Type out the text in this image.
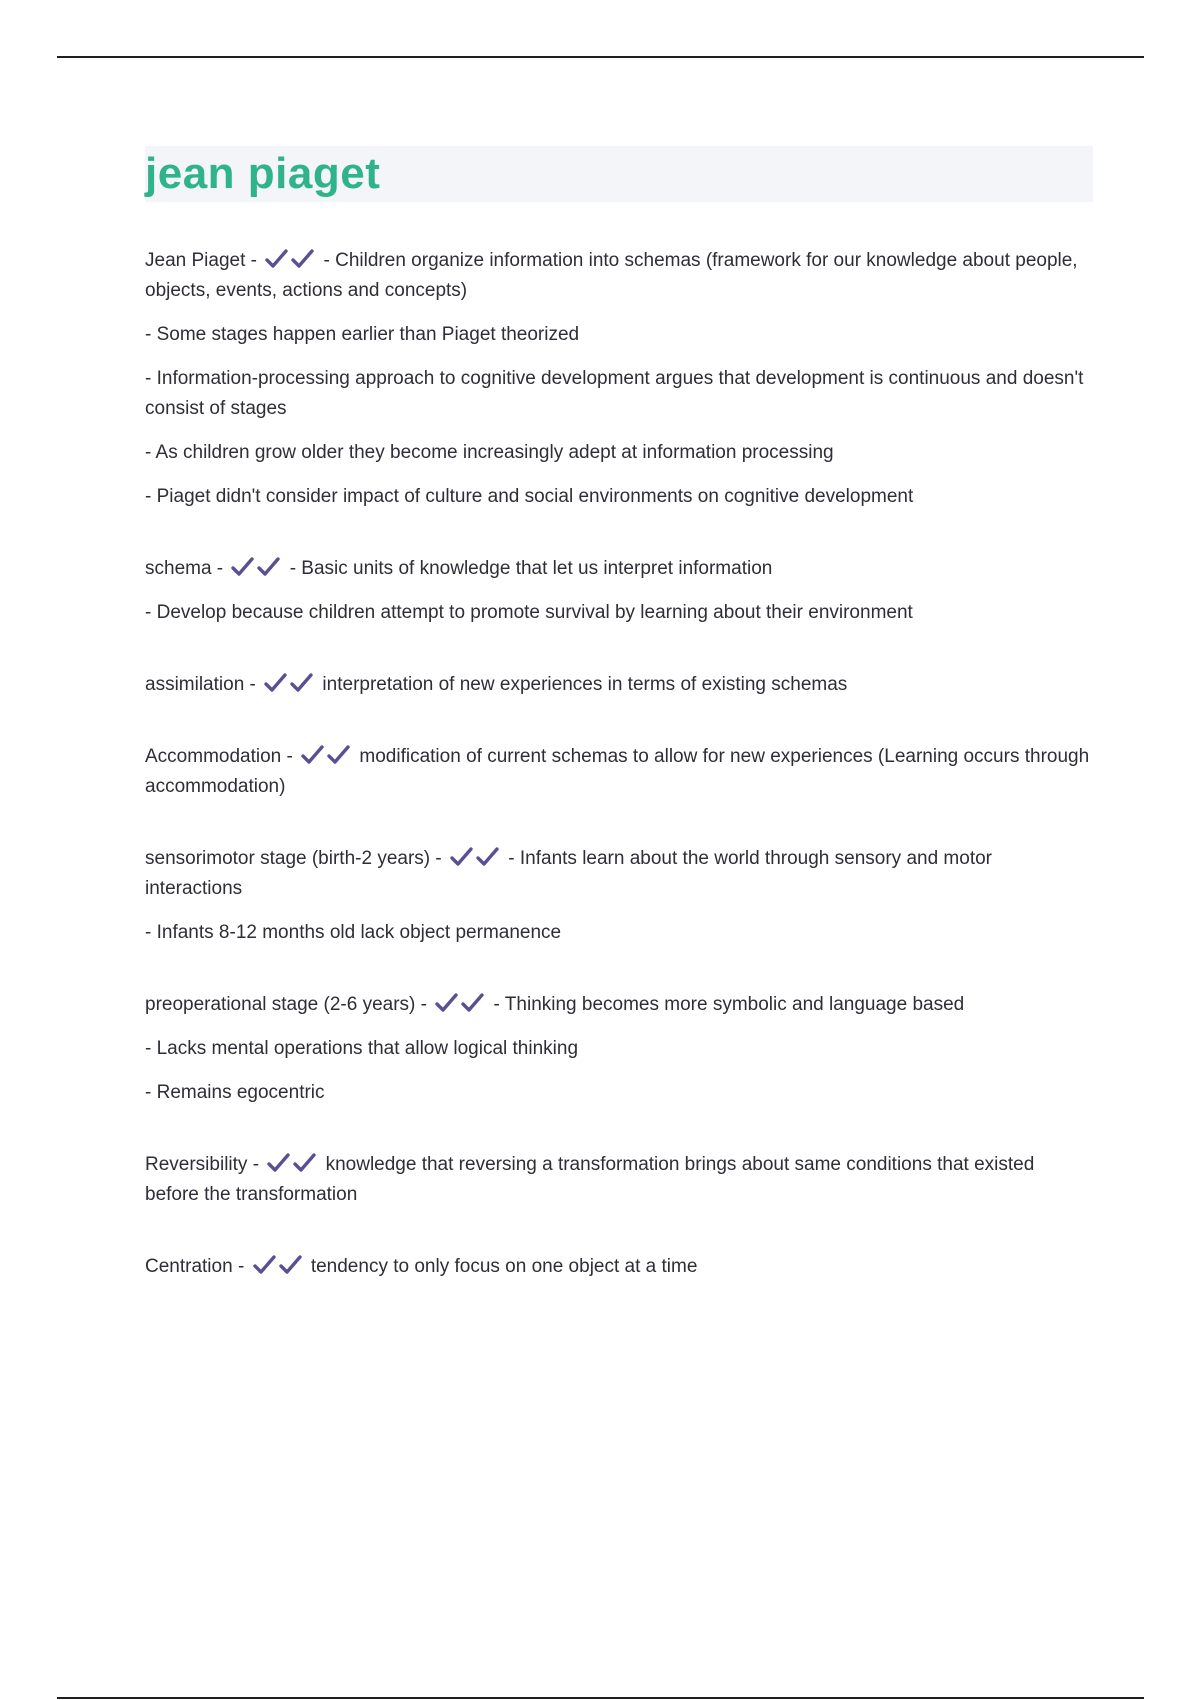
jean piaget

Jean Piaget -	- Children organize information into schemas (framework for our knowledge about people, objects, events, actions and concepts)

- Some stages happen earlier than Piaget theorized

- Information-processing approach to cognitive development argues that development is continuous and doesn't consist of stages

- As children grow older they become increasingly adept at information processing

- Piaget didn't consider impact of culture and social environments on cognitive development

schema -	- Basic units of knowledge that let us interpret information

- Develop because children attempt to promote survival by learning about their environment

assimilation -	interpretation of new experiences in terms of existing schemas

Accommodation -	modification of current schemas to allow for new experiences (Learning occurs through accommodation)

sensorimotor stage (birth-2 years) -	- Infants learn about the world through sensory and motor interactions

- Infants 8-12 months old lack object permanence

preoperational stage (2-6 years) -	- Thinking becomes more symbolic and language based

- Lacks mental operations that allow logical thinking

- Remains egocentric

Reversibility -	knowledge that reversing a transformation brings about same conditions that existed before the transformation

Centration -	tendency to only focus on one object at a time
